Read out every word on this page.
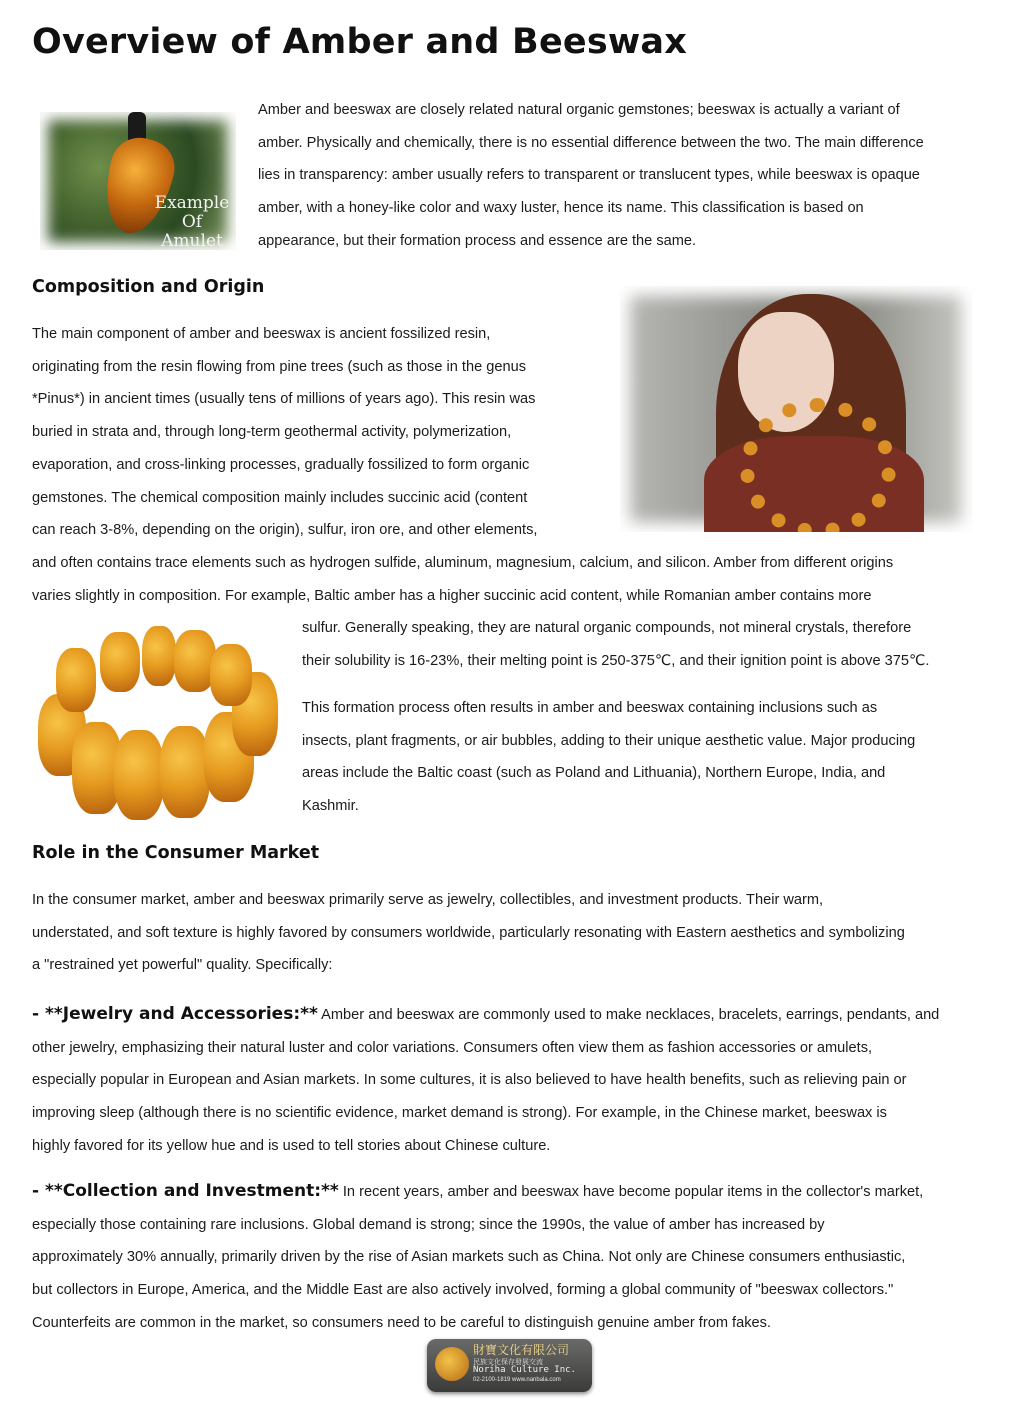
Overview of Amber and Beeswax
Example
Of
Amulet

Amber and beeswax are closely related natural organic gemstones; beeswax is actually a variant of
amber. Physically and chemically, there is no essential difference between the two. The main difference
lies in transparency: amber usually refers to transparent or translucent types, while beeswax is opaque
amber, with a honey-like color and waxy luster, hence its name. This classification is based on
appearance, but their formation process and essence are the same.

Composition and Origin

The main component of amber and beeswax is ancient fossilized resin,
originating from the resin flowing from pine trees (such as those in the genus
*Pinus*) in ancient times (usually tens of millions of years ago). This resin was
buried in strata and, through long-term geothermal activity, polymerization,
evaporation, and cross-linking processes, gradually fossilized to form organic
gemstones. The chemical composition mainly includes succinic acid (content
can reach 3-8%, depending on the origin), sulfur, iron ore, and other elements,

and often contains trace elements such as hydrogen sulfide, aluminum, magnesium, calcium, and silicon. Amber from different origins
varies slightly in composition. For example, Baltic amber has a higher succinic acid content, while Romanian amber contains more

sulfur. Generally speaking, they are natural organic compounds, not mineral crystals, therefore
their solubility is 16-23%, their melting point is 250-375℃, and their ignition point is above 375℃.

This formation process often results in amber and beeswax containing inclusions such as
insects, plant fragments, or air bubbles, adding to their unique aesthetic value. Major producing
areas include the Baltic coast (such as Poland and Lithuania), Northern Europe, India, and
Kashmir.

Role in the Consumer Market

In the consumer market, amber and beeswax primarily serve as jewelry, collectibles, and investment products. Their warm,
understated, and soft texture is highly favored by consumers worldwide, particularly resonating with Eastern aesthetics and symbolizing
a "restrained yet powerful" quality. Specifically:

- **Jewelry and Accessories:** Amber and beeswax are commonly used to make necklaces, bracelets, earrings, pendants, and
other jewelry, emphasizing their natural luster and color variations. Consumers often view them as fashion accessories or amulets,
especially popular in European and Asian markets. In some cultures, it is also believed to have health benefits, such as relieving pain or
improving sleep (although there is no scientific evidence, market demand is strong). For example, in the Chinese market, beeswax is
highly favored for its yellow hue and is used to tell stories about Chinese culture.

- **Collection and Investment:** In recent years, amber and beeswax have become popular items in the collector's market,
especially those containing rare inclusions. Global demand is strong; since the 1990s, the value of amber has increased by
approximately 30% annually, primarily driven by the rise of Asian markets such as China. Not only are Chinese consumers enthusiastic,
but collectors in Europe, America, and the Middle East are also actively involved, forming a global community of "beeswax collectors."
Counterfeits are common in the market, so consumers need to be careful to distinguish genuine amber from fakes.

財寶文化有限公司
民族文化保存發展交流
Noriha Culture Inc.
02-2100-1819 www.nanbala.com
